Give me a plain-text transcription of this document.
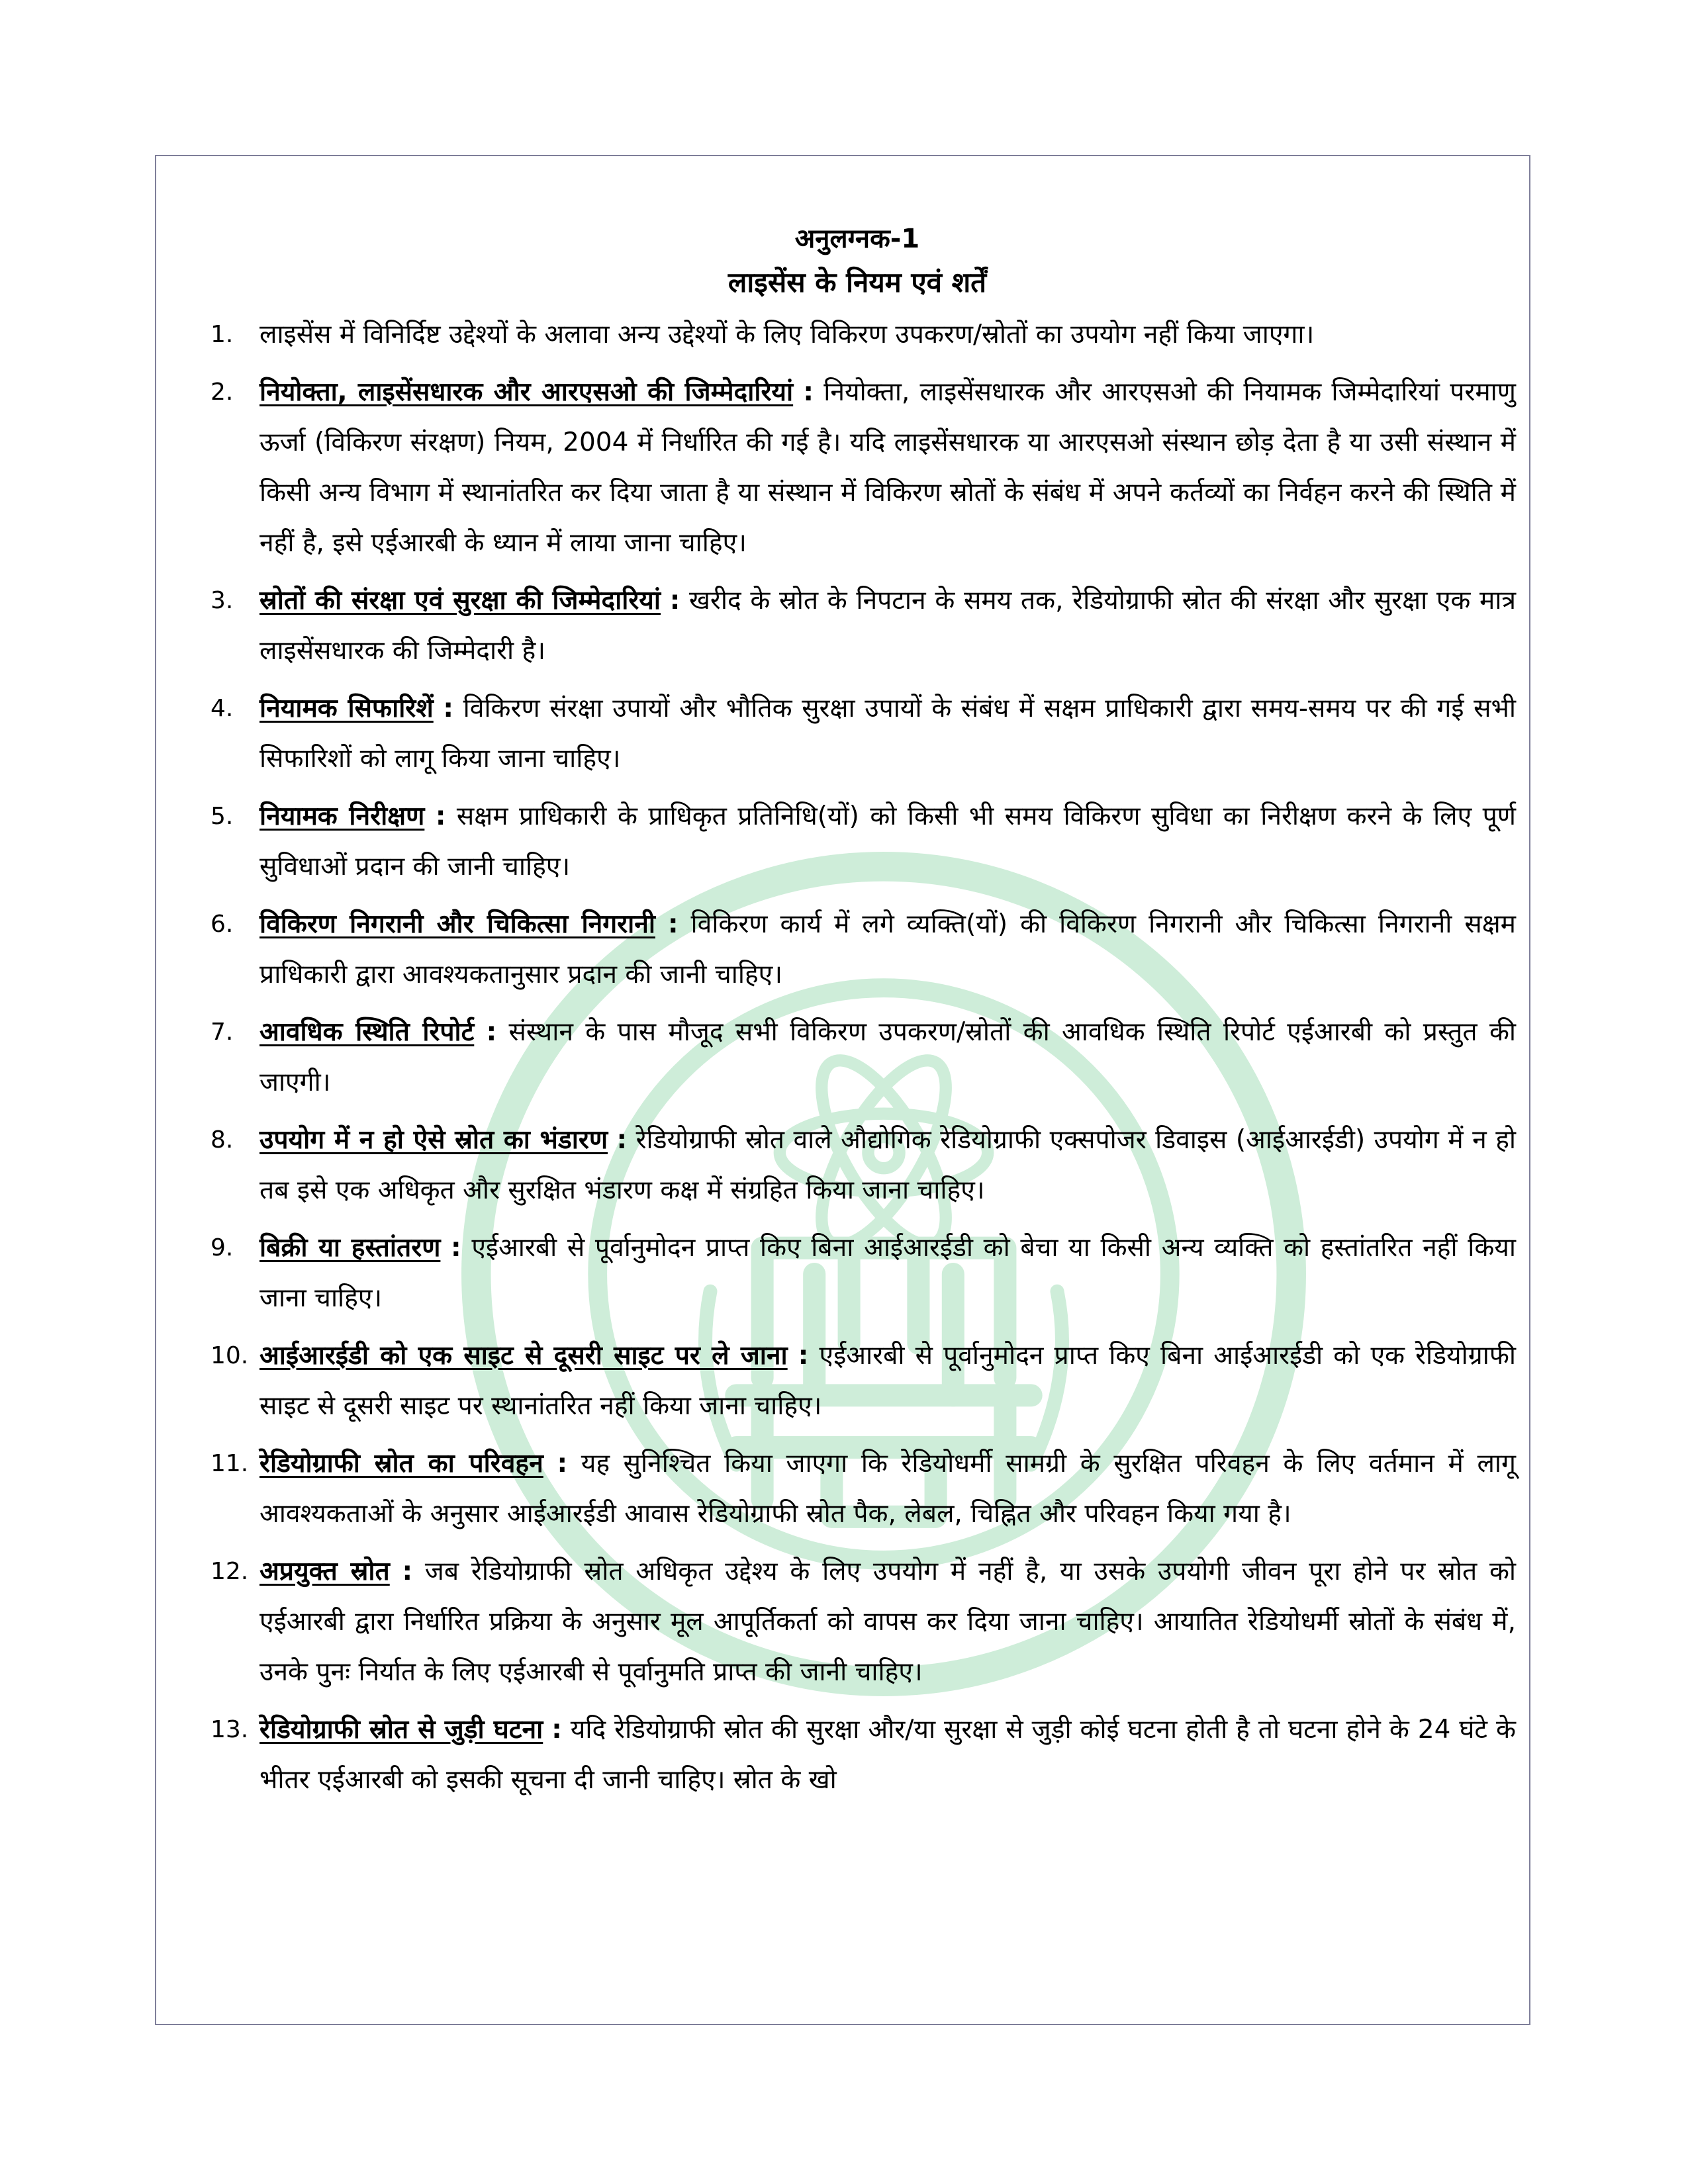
अनुलग्नक-1
लाइसेंस के नियम एवं शर्तें
1.	लाइसेंस में विनिर्दिष्ट उद्देश्यों के अलावा अन्य उद्देश्यों के लिए विकिरण उपकरण/स्रोतों का उपयोग नहीं किया जाएगा।
2.	नियोक्ता, लाइसेंसधारक और आरएसओ की जिम्मेदारियां : नियोक्ता, लाइसेंसधारक और आरएसओ की नियामक जिम्मेदारियां परमाणु ऊर्जा (विकिरण संरक्षण) नियम, 2004 में निर्धारित की गई है। यदि लाइसेंसधारक या आरएसओ संस्थान छोड़ देता है या उसी संस्थान में किसी अन्य विभाग में स्थानांतरित कर दिया जाता है या संस्थान में विकिरण स्रोतों के संबंध में अपने कर्तव्यों का निर्वहन करने की स्थिति में नहीं है, इसे एईआरबी के ध्यान में लाया जाना चाहिए।
3.	स्रोतों की संरक्षा एवं सुरक्षा की जिम्मेदारियां : खरीद के स्रोत के निपटान के समय तक, रेडियोग्राफी स्रोत की संरक्षा और सुरक्षा एक मात्र लाइसेंसधारक की जिम्मेदारी है।
4.	नियामक सिफारिशें : विकिरण संरक्षा उपायों और भौतिक सुरक्षा उपायों के संबंध में सक्षम प्राधिकारी द्वारा समय-समय पर की गई सभी सिफारिशों को लागू किया जाना चाहिए।
5.	नियामक निरीक्षण : सक्षम प्राधिकारी के प्राधिकृत प्रतिनिधि(यों) को किसी भी समय विकिरण सुविधा का निरीक्षण करने के लिए पूर्ण सुविधाओं प्रदान की जानी चाहिए।
6.	विकिरण निगरानी और चिकित्सा निगरानी : विकिरण कार्य में लगे व्यक्ति(यों) की विकिरण निगरानी और चिकित्सा निगरानी सक्षम प्राधिकारी द्वारा आवश्यकतानुसार प्रदान की जानी चाहिए।
7.	आवधिक स्थिति रिपोर्ट : संस्थान के पास मौजूद सभी विकिरण उपकरण/स्रोतों की आवधिक स्थिति रिपोर्ट एईआरबी को प्रस्तुत की जाएगी।
8.	उपयोग में न हो ऐसे स्रोत का भंडारण : रेडियोग्राफी स्रोत वाले औद्योगिक रेडियोग्राफी एक्सपोजर डिवाइस (आईआरईडी) उपयोग में न हो तब इसे एक अधिकृत और सुरक्षित भंडारण कक्ष में संग्रहित किया जाना चाहिए।
9.	बिक्री या हस्तांतरण : एईआरबी से पूर्वानुमोदन प्राप्त किए बिना आईआरईडी को बेचा या किसी अन्य व्यक्ति को हस्तांतरित नहीं किया जाना चाहिए।
10. आईआरईडी को एक साइट से दूसरी साइट पर ले जाना : एईआरबी से पूर्वानुमोदन प्राप्त किए बिना आईआरईडी को एक रेडियोग्राफी साइट से दूसरी साइट पर स्थानांतरित नहीं किया जाना चाहिए।
11. रेडियोग्राफी स्रोत का परिवहन : यह सुनिश्चित किया जाएगा कि रेडियोधर्मी सामग्री के सुरक्षित परिवहन के लिए वर्तमान में लागू आवश्यकताओं के अनुसार आईआरईडी आवास रेडियोग्राफी स्रोत पैक, लेबल, चिह्नित और परिवहन किया गया है।
12. अप्रयुक्त स्रोत : जब रेडियोग्राफी स्रोत अधिकृत उद्देश्य के लिए उपयोग में नहीं है, या उसके उपयोगी जीवन पूरा होने पर स्रोत को एईआरबी द्वारा निर्धारित प्रक्रिया के अनुसार मूल आपूर्तिकर्ता को वापस कर दिया जाना चाहिए। आयातित रेडियोधर्मी स्रोतों के संबंध में, उनके पुनः निर्यात के लिए एईआरबी से पूर्वानुमति प्राप्त की जानी चाहिए।
13. रेडियोग्राफी स्रोत से जुड़ी घटना : यदि रेडियोग्राफी स्रोत की सुरक्षा और/या सुरक्षा से जुड़ी कोई घटना होती है तो घटना होने के 24 घंटे के भीतर एईआरबी को इसकी सूचना दी जानी चाहिए। स्रोत के खो
